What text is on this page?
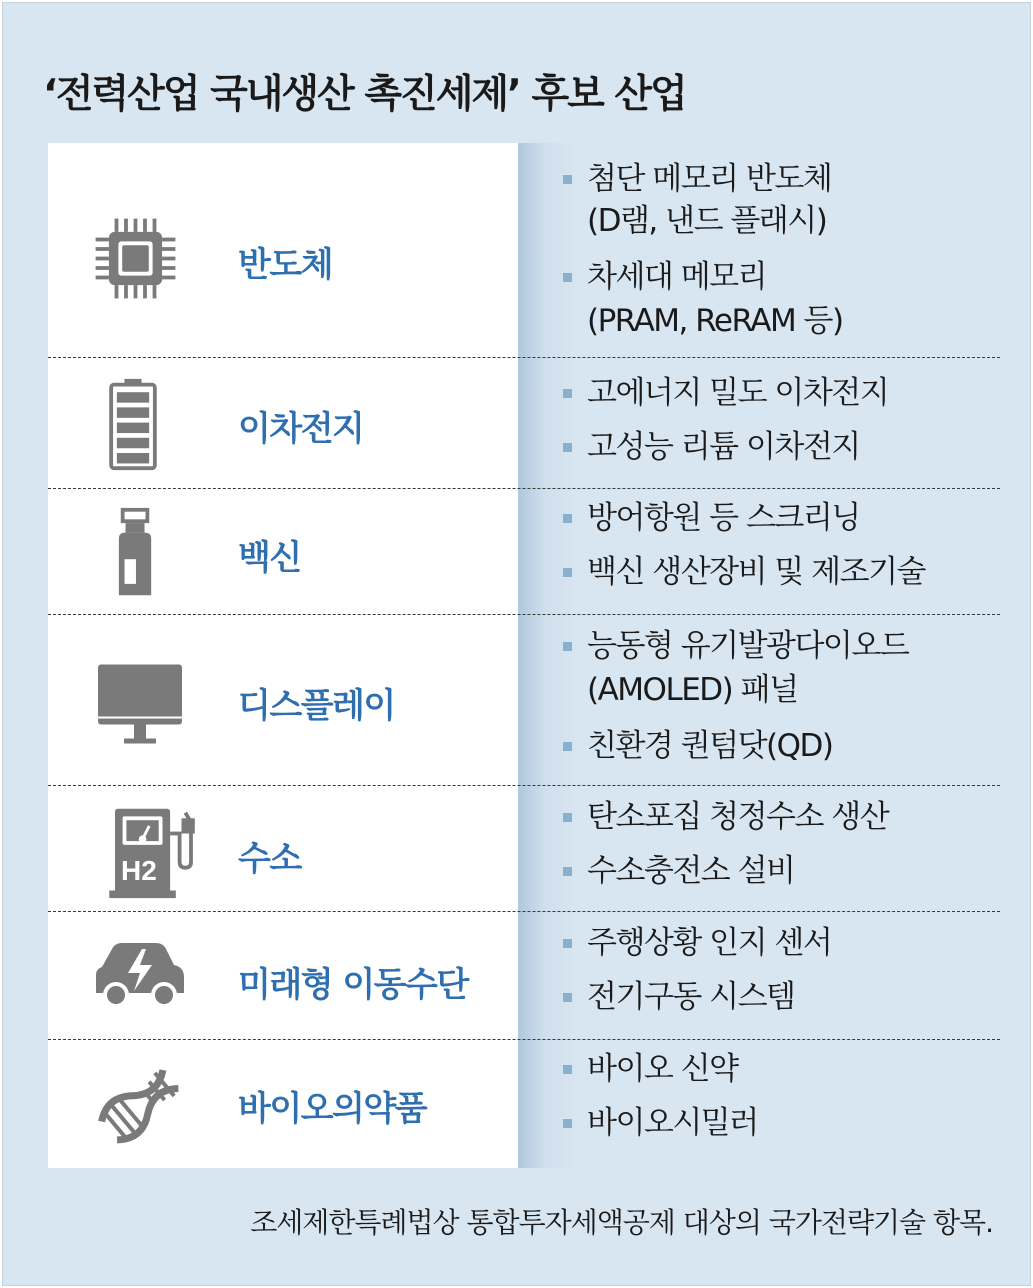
‘전력산업 국내생산 촉진세제’ 후보 산업
반도체
첨단 메모리 반도체
(D램, 낸드 플래시)
차세대 메모리
(PRAM, ReRAM 등)
이차전지
고에너지 밀도 이차전지
고성능 리튬 이차전지
백신
방어항원 등 스크리닝
백신 생산장비 및 제조기술
디스플레이
능동형 유기발광다이오드
(AMOLED) 패널
친환경 퀀텀닷(QD)
H2 수소
탄소포집 청정수소 생산
수소충전소 설비
미래형 이동수단
주행상황 인지 센서
전기구동 시스템
바이오의약품
바이오 신약
바이오시밀러
조세제한특례법상 통합투자세액공제 대상의 국가전략기술 항목.
